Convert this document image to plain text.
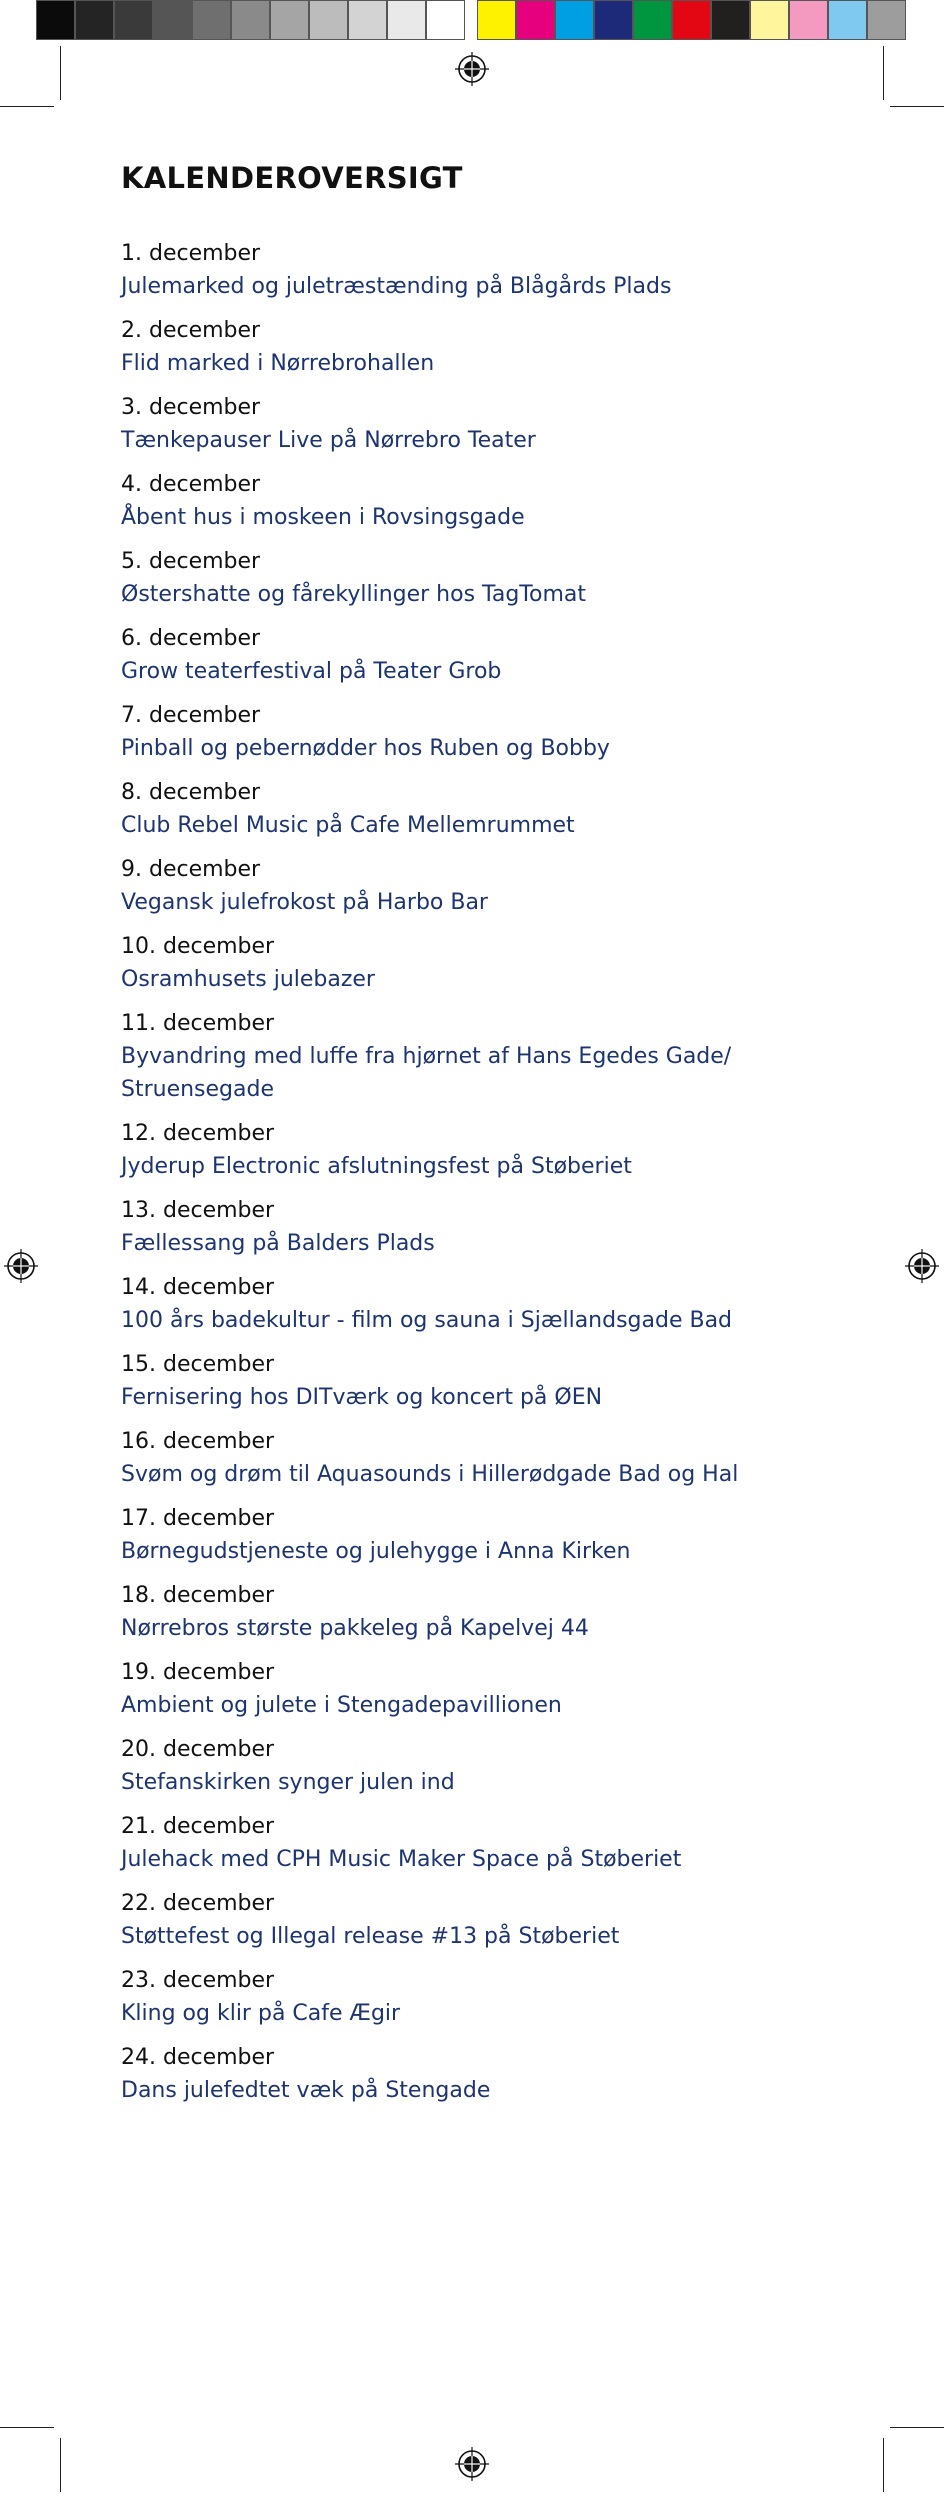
KALENDEROVERSIGT
1. december
Julemarked og juletræstænding på Blågårds Plads
2. december
Flid marked i Nørrebrohallen
3. december
Tænkepauser Live på Nørrebro Teater
4. december
Åbent hus i moskeen i Rovsingsgade
5. december
Østershatte og fårekyllinger hos TagTomat
6. december
Grow teaterfestival på Teater Grob
7. december
Pinball og pebernødder hos Ruben og Bobby
8. december
Club Rebel Music på Cafe Mellemrummet
9. december
Vegansk julefrokost på Harbo Bar
10. december
Osramhusets julebazer
11. december
Byvandring med luffe fra hjørnet af Hans Egedes Gade/
Struensegade
12. december
Jyderup Electronic afslutningsfest på Støberiet
13. december
Fællessang på Balders Plads
14. december
100 års badekultur - film og sauna i Sjællandsgade Bad
15. december
Fernisering hos DITværk og koncert på ØEN
16. december
Svøm og drøm til Aquasounds i Hillerødgade Bad og Hal
17. december
Børnegudstjeneste og julehygge i Anna Kirken
18. december
Nørrebros største pakkeleg på Kapelvej 44
19. december
Ambient og julete i Stengadepavillionen
20. december
Stefanskirken synger julen ind
21. december
Julehack med CPH Music Maker Space på Støberiet
22. december
Støttefest og Illegal release #13 på Støberiet
23. december
Kling og klir på Cafe Ægir
24. december
Dans julefedtet væk på Stengade
